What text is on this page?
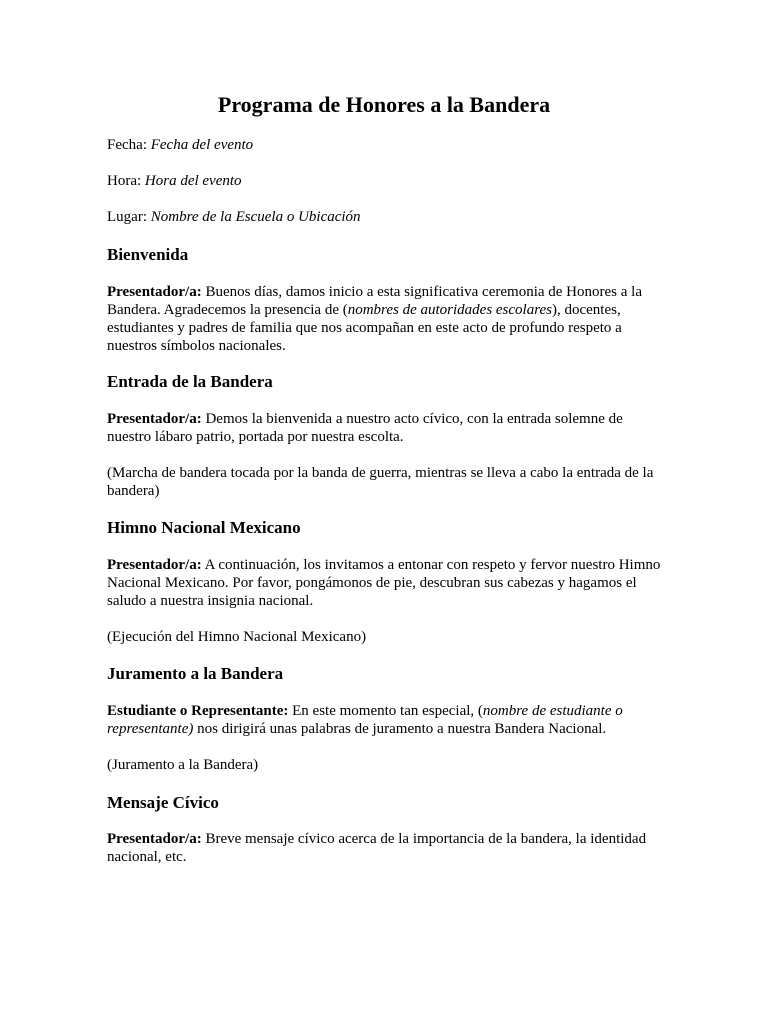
Programa de Honores a la Bandera

Fecha: Fecha del evento

Hora: Hora del evento

Lugar: Nombre de la Escuela o Ubicación

Bienvenida

Presentador/a: Buenos días, damos inicio a esta significativa ceremonia de Honores a la Bandera. Agradecemos la presencia de (nombres de autoridades escolares), docentes, estudiantes y padres de familia que nos acompañan en este acto de profundo respeto a nuestros símbolos nacionales.

Entrada de la Bandera

Presentador/a: Demos la bienvenida a nuestro acto cívico, con la entrada solemne de nuestro lábaro patrio, portada por nuestra escolta.

(Marcha de bandera tocada por la banda de guerra, mientras se lleva a cabo la entrada de la bandera)

Himno Nacional Mexicano

Presentador/a: A continuación, los invitamos a entonar con respeto y fervor nuestro Himno Nacional Mexicano. Por favor, pongámonos de pie, descubran sus cabezas y hagamos el saludo a nuestra insignia nacional.

(Ejecución del Himno Nacional Mexicano)

Juramento a la Bandera

Estudiante o Representante: En este momento tan especial, (nombre de estudiante o representante) nos dirigirá unas palabras de juramento a nuestra Bandera Nacional.

(Juramento a la Bandera)

Mensaje Cívico

Presentador/a: Breve mensaje cívico acerca de la importancia de la bandera, la identidad nacional, etc.
